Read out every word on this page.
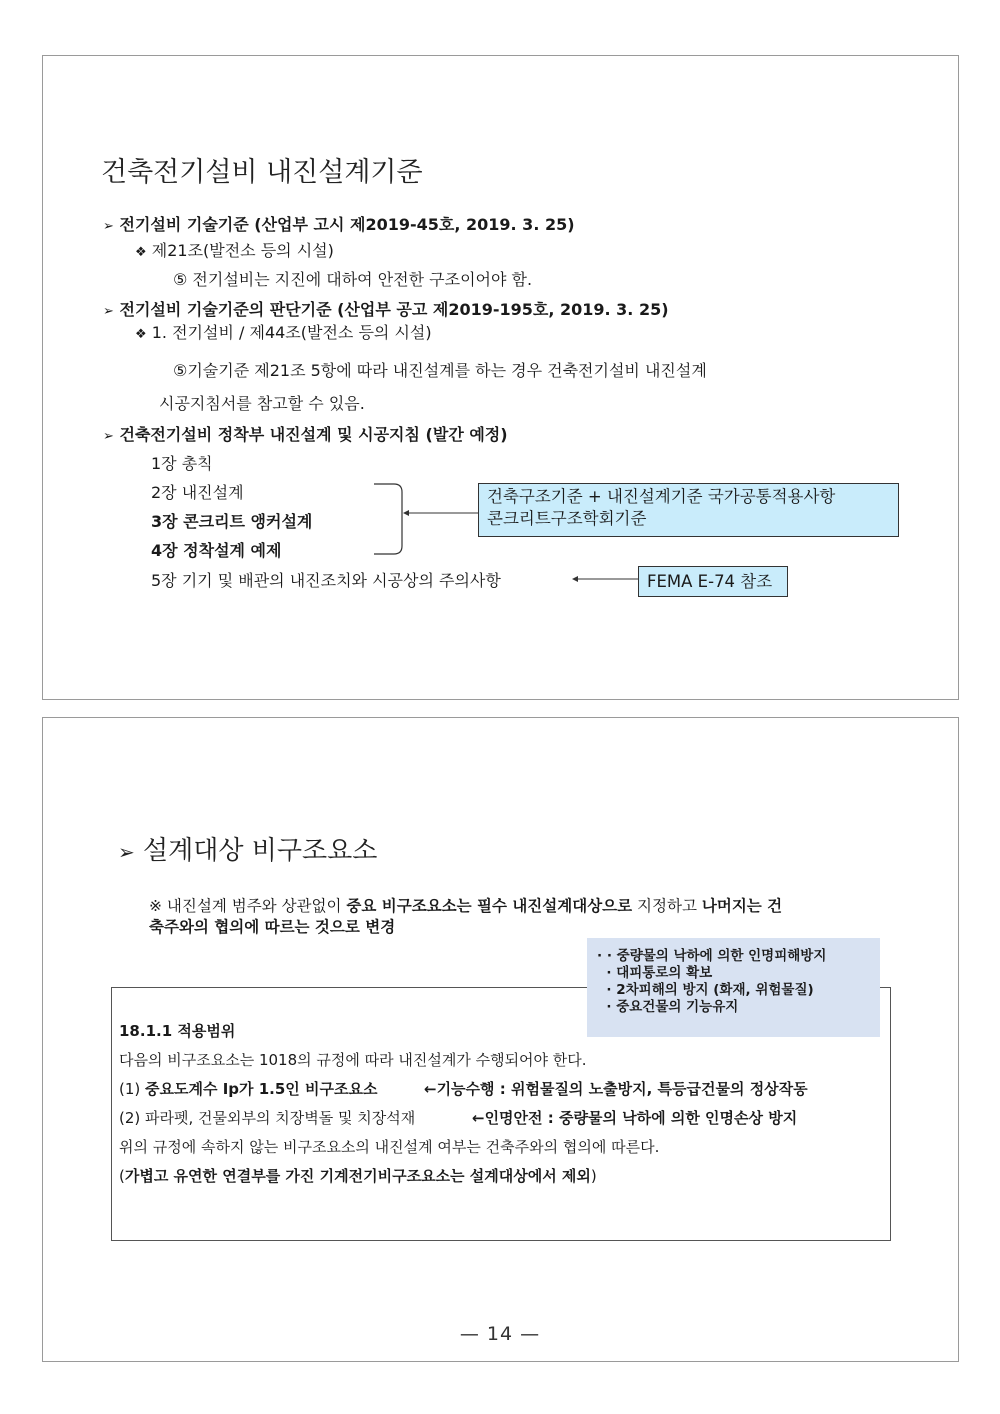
건축전기설비 내진설계기준
➢ 전기설비 기술기준 (산업부 고시 제2019-45호, 2019. 3. 25)
❖ 제21조(발전소 등의 시설)
⑤ 전기설비는 지진에 대하여 안전한 구조이어야 함.
➢ 전기설비 기술기준의 판단기준 (산업부 공고 제2019-195호, 2019. 3. 25)
❖ 1. 전기설비 / 제44조(발전소 등의 시설)
⑤기술기준 제21조 5항에 따라 내진설계를 하는 경우 건축전기설비 내진설계
시공지침서를 참고할 수 있음.
➢ 건축전기설비 정착부 내진설계 및 시공지침 (발간 예정)
1장 총칙
2장 내진설계
3장 콘크리트 앵커설계
4장 정착설계 예제
5장 기기 및 배관의 내진조치와 시공상의 주의사항
건축구조기준 + 내진설계기준 국가공통적용사항
콘크리트구조학회기준
FEMA E-74 참조
➢ 설계대상 비구조요소
※ 내진설계 범주와 상관없이 중요 비구조요소는 필수 내진설계대상으로 지정하고 나머지는 건
축주와의 협의에 따르는 것으로 변경
18.1.1 적용범위
다음의 비구조요소는 1018의 규정에 따라 내진설계가 수행되어야 한다.
(1) 중요도계수 Ip가 1.5인 비구조요소	←기능수행 : 위험물질의 노출방지, 특등급건물의 정상작동
(2) 파라펫, 건물외부의 치장벽돌 및 치장석재	←인명안전 : 중량물의 낙하에 의한 인명손상 방지
위의 규정에 속하지 않는 비구조요소의 내진설계 여부는 건축주와의 협의에 따른다.
(가볍고 유연한 연결부를 가진 기계전기비구조요소는 설계대상에서 제외)
· · 중량물의 낙하에 의한 인명피해방지
· 대피통로의 확보
· 2차피해의 방지 (화재, 위험물질)
· 중요건물의 기능유지
— 14 —
